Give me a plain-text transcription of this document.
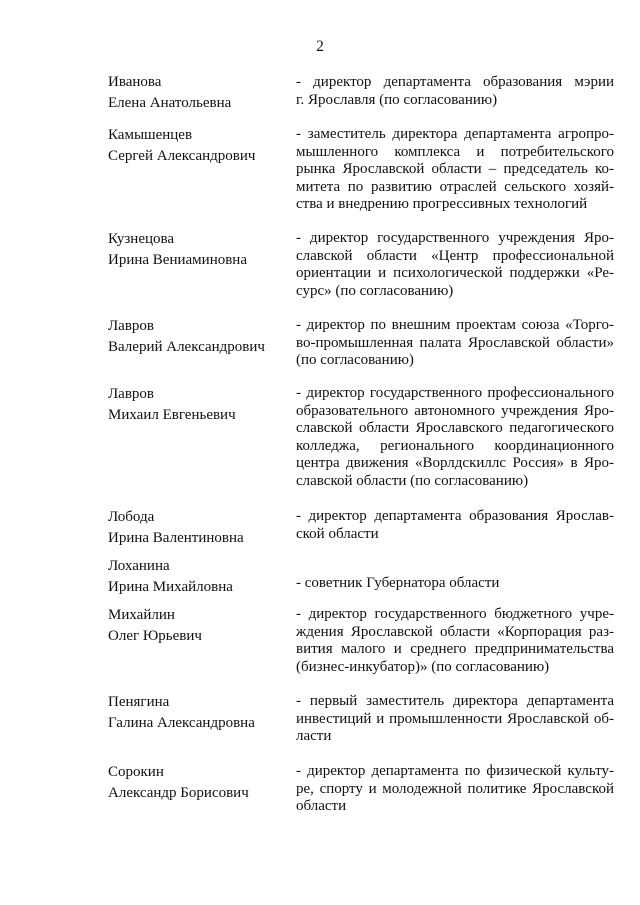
2
Иванова
Елена Анатольевна
- директор департамента образования мэрии
г. Ярославля (по согласованию)
Камышенцев
Сергей Александрович
- заместитель директора департамента агропро-
мышленного комплекса и потребительского
рынка Ярославской области – председатель ко-
митета по развитию отраслей сельского хозяй-
ства и внедрению прогрессивных технологий
Кузнецова
Ирина Вениаминовна
- директор государственного учреждения Яро-
славской области «Центр профессиональной
ориентации и психологической поддержки «Ре-
сурс» (по согласованию)
Лавров
Валерий Александрович
- директор по внешним проектам союза «Торго-
во-промышленная палата Ярославской области»
(по согласованию)
Лавров
Михаил Евгеньевич
- директор государственного профессионального
образовательного автономного учреждения Яро-
славской области Ярославского педагогического
колледжа, регионального координационного
центра движения «Ворлдскиллс Россия» в Яро-
славской области (по согласованию)
Лобода
Ирина Валентиновна
- директор департамента образования Ярослав-
ской области
Лоханина
Ирина Михайловна	- советник Губернатора области
Михайлин
Олег Юрьевич
- директор государственного бюджетного учре-
ждения Ярославской области «Корпорация раз-
вития малого и среднего предпринимательства
(бизнес-инкубатор)» (по согласованию)
Пенягина
Галина Александровна
- первый заместитель директора департамента
инвестиций и промышленности Ярославской об-
ласти
Сорокин
Александр Борисович
- директор департамента по физической культу-
ре, спорту и молодежной политике Ярославской
области
